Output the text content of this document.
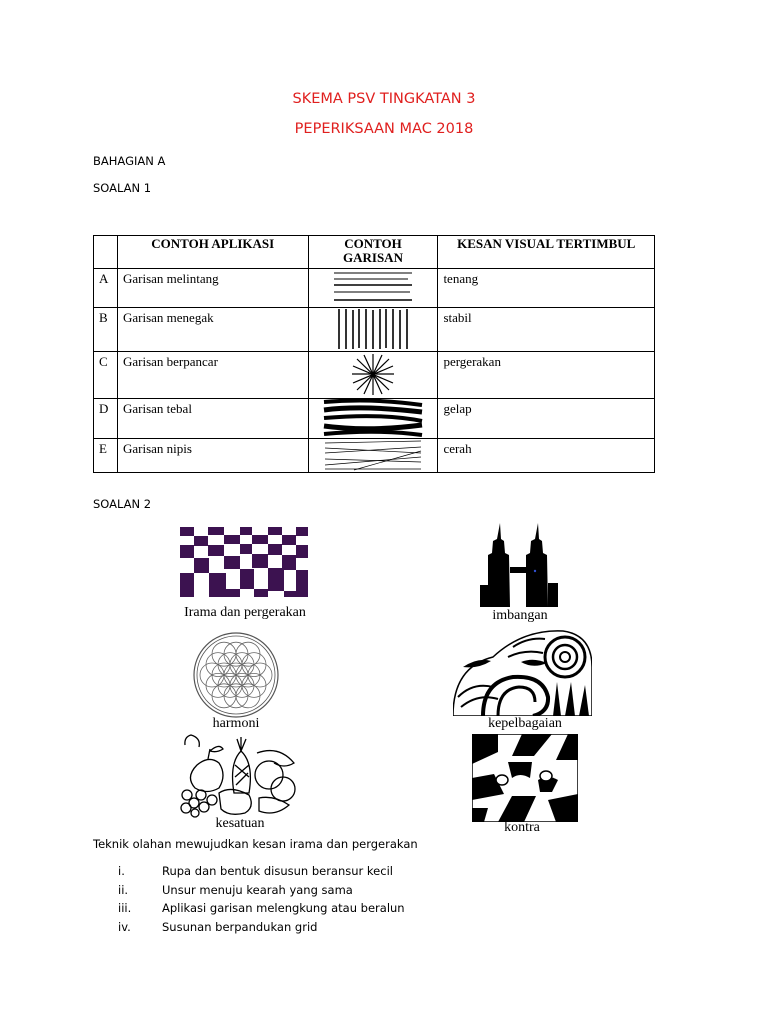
SKEMA PSV TINGKATAN 3
PEPERIKSAAN MAC 2018
BAHAGIAN A
SOALAN 1
	CONTOH APLIKASI	CONTOH GARISAN	KESAN VISUAL TERTIMBUL
A	Garisan melintang		tenang
B	Garisan menegak		stabil
C	Garisan berpancar		pergerakan
D	Garisan tebal		gelap
E	Garisan nipis		cerah
SOALAN 2
Irama dan pergerakan	imbangan
harmoni	kepelbagaian
kesatuan	kontra
Teknik olahan mewujudkan kesan irama dan pergerakan
i.	Rupa dan bentuk disusun beransur kecil
ii.	Unsur menuju kearah yang sama
iii.	Aplikasi garisan melengkung atau beralun
iv.	Susunan berpandukan grid
